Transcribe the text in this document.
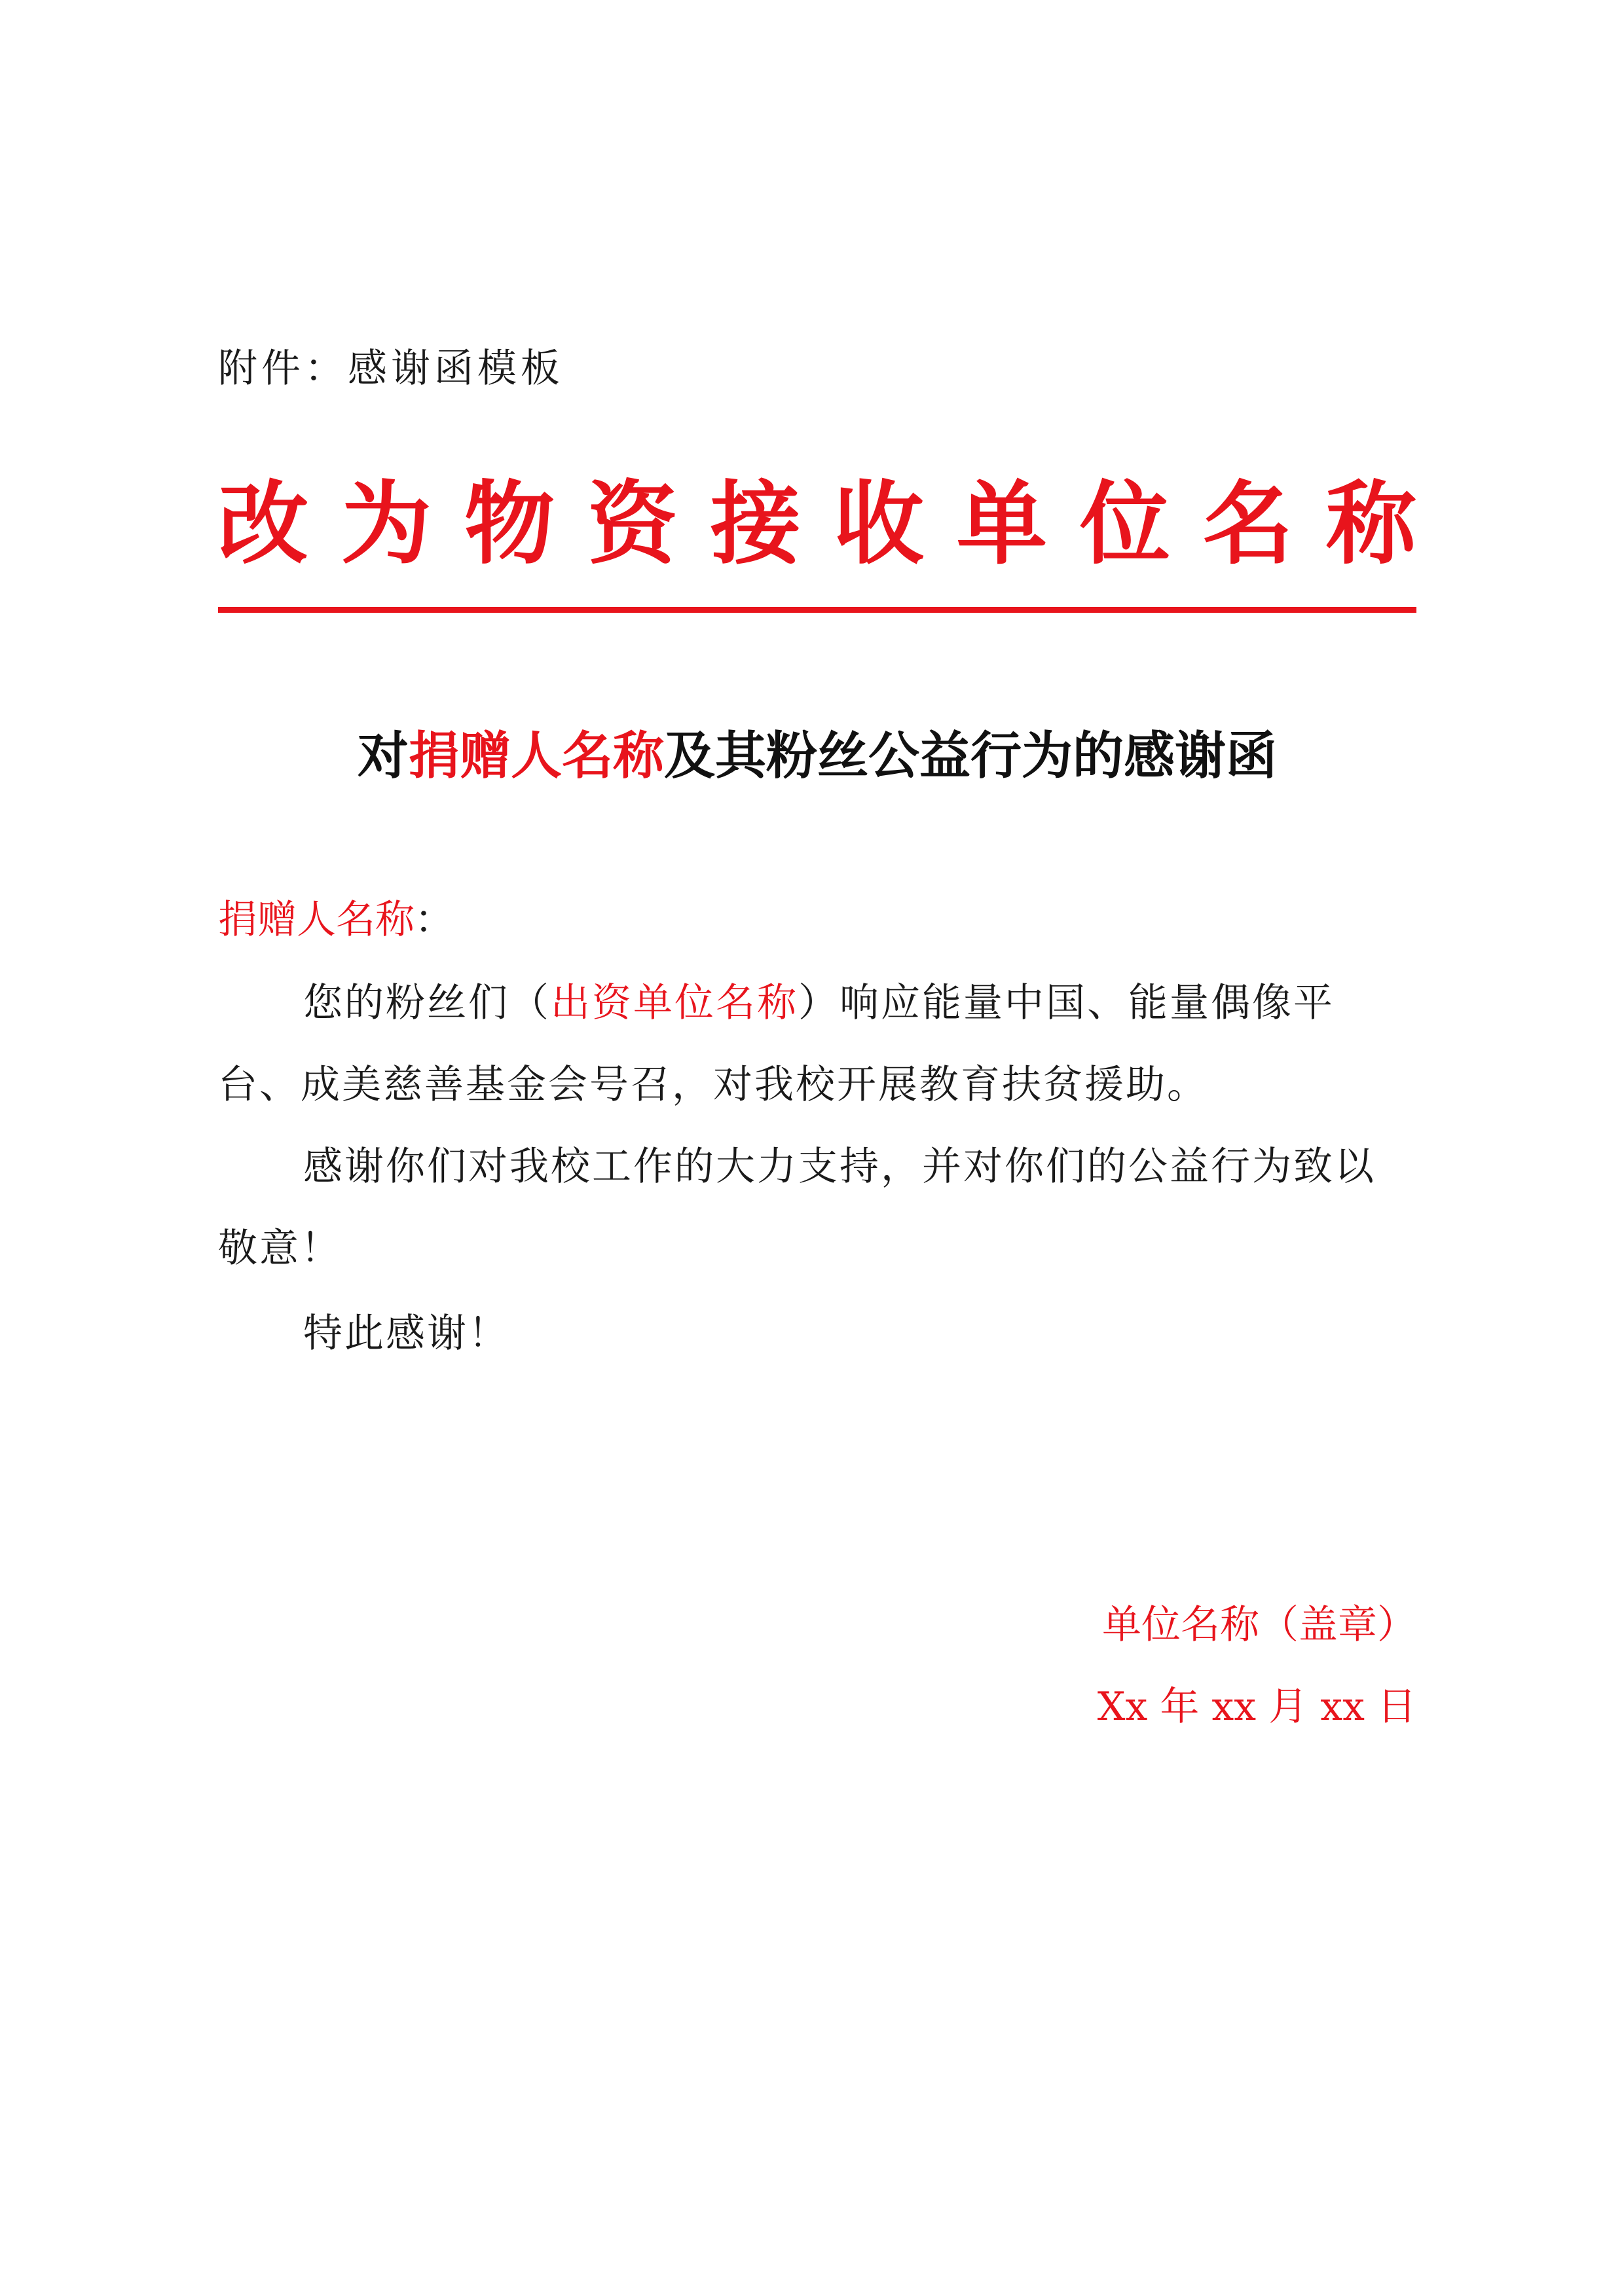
附件：感谢函模板
改 为 物 资 接 收 单 位 名 称
对捐赠人名称及其粉丝公益行为的感谢函
捐赠人名称：
您的粉丝们（出资单位名称）响应能量中国、能量偶像平台、成美慈善基金会号召，对我校开展教育扶贫援助。
感谢你们对我校工作的大力支持，并对你们的公益行为致以敬意！
特此感谢！
单位名称（盖章）
Xx 年 xx 月 xx 日
